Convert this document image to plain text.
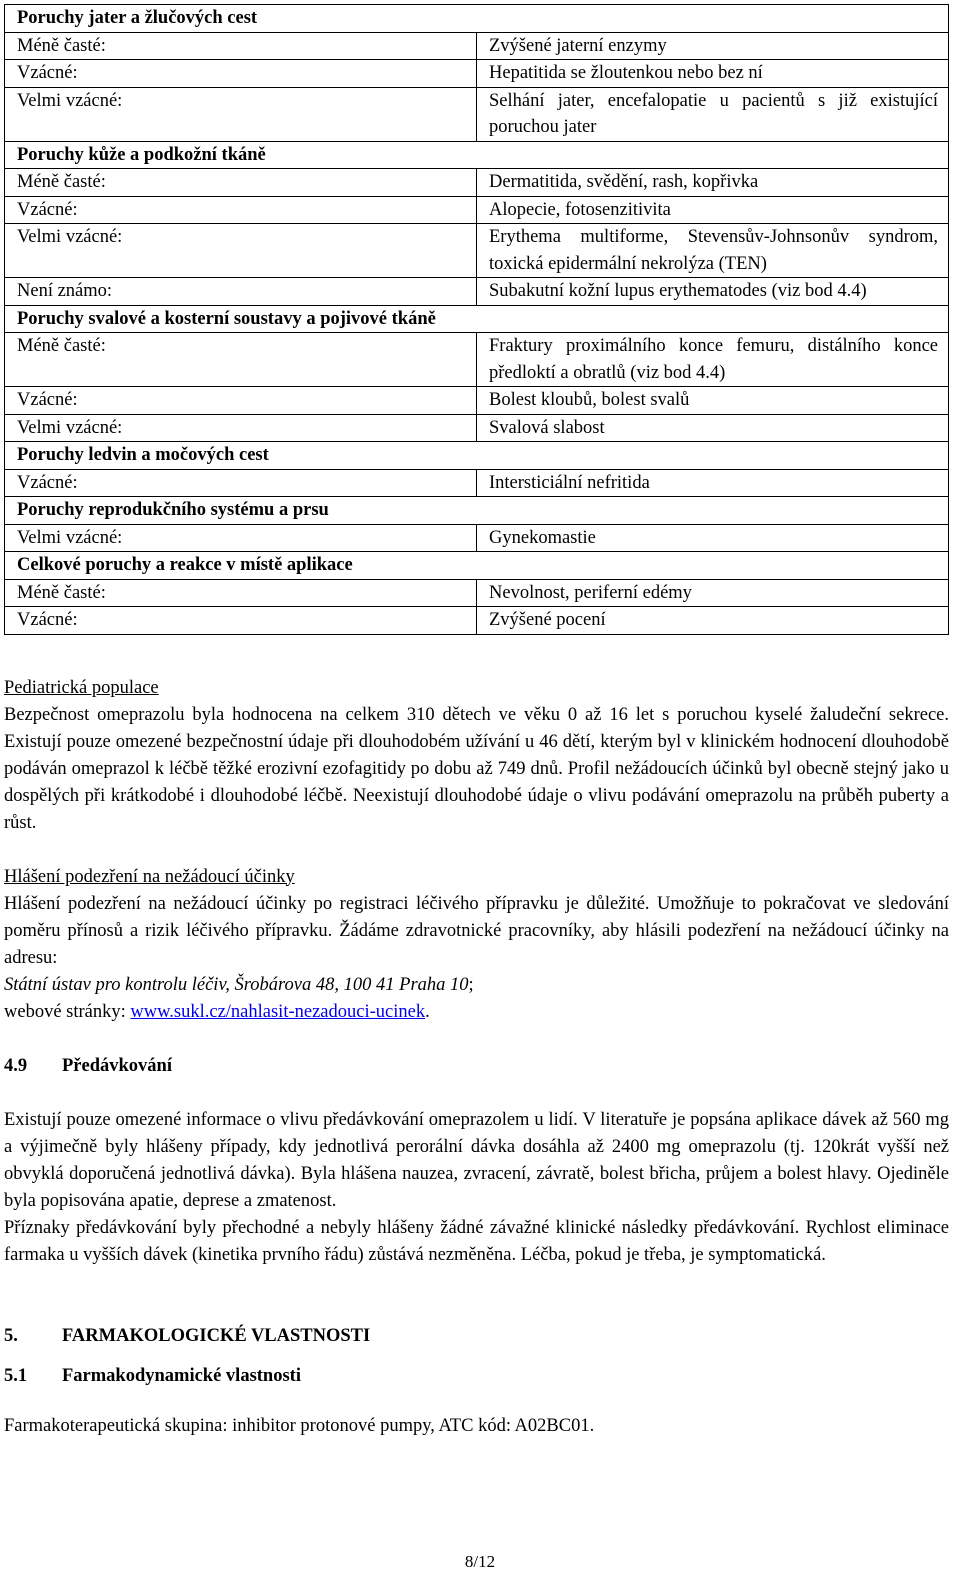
Poruchy jater a žlučových cest	
Méně časté:	Zvýšené jaterní enzymy
Vzácné:	Hepatitida se žloutenkou nebo bez ní
Velmi vzácné:	Selhání jater, encefalopatie u pacientů s již existující poruchou jater
Poruchy kůže a podkožní tkáně	
Méně časté:	Dermatitida, svědění, rash, kopřivka
Vzácné:	Alopecie, fotosenzitivita
Velmi vzácné:	Erythema multiforme, Stevensův-Johnsonův syndrom, toxická epidermální nekrolýza (TEN)
Není známo:	Subakutní kožní lupus erythematodes (viz bod 4.4)
Poruchy svalové a kosterní soustavy a pojivové tkáně	
Méně časté:	Fraktury proximálního konce femuru, distálního konce předloktí a obratlů (viz bod 4.4)
Vzácné:	Bolest kloubů, bolest svalů
Velmi vzácné:	Svalová slabost
Poruchy ledvin a močových cest	
Vzácné:	Intersticiální nefritida
Poruchy reprodukčního systému a prsu	
Velmi vzácné:	Gynekomastie
Celkové poruchy a reakce v místě aplikace	
Méně časté:	Nevolnost, periferní edémy
Vzácné:	Zvýšené pocení
Pediatrická populace

Bezpečnost omeprazolu byla hodnocena na celkem 310 dětech ve věku 0 až 16 let s poruchou kyselé žaludeční sekrece. Existují pouze omezené bezpečnostní údaje při dlouhodobém užívání u 46 dětí, kterým byl v klinickém hodnocení dlouhodobě podáván omeprazol k léčbě těžké erozivní ezofagitidy po dobu až 749 dnů. Profil nežádoucích účinků byl obecně stejný jako u dospělých při krátkodobé i dlouhodobé léčbě. Neexistují dlouhodobé údaje o vlivu podávání omeprazolu na průběh puberty a růst.

Hlášení podezření na nežádoucí účinky

Hlášení podezření na nežádoucí účinky po registraci léčivého přípravku je důležité. Umožňuje to pokračovat ve sledování poměru přínosů a rizik léčivého přípravku. Žádáme zdravotnické pracovníky, aby hlásili podezření na nežádoucí účinky na adresu:

Státní ústav pro kontrolu léčiv, Šrobárova 48, 100 41 Praha 10;

webové stránky: www.sukl.cz/nahlasit-nezadouci-ucinek.

4.9	Předávkování

Existují pouze omezené informace o vlivu předávkování omeprazolem u lidí. V literatuře je popsána aplikace dávek až 560 mg a výjimečně byly hlášeny případy, kdy jednotlivá perorální dávka dosáhla až 2400 mg omeprazolu (tj. 120krát vyšší než obvyklá doporučená jednotlivá dávka). Byla hlášena nauzea, zvracení, závratě, bolest břicha, průjem a bolest hlavy. Ojediněle byla popisována apatie, deprese a zmatenost.

Příznaky předávkování byly přechodné a nebyly hlášeny žádné závažné klinické následky předávkování. Rychlost eliminace farmaka u vyšších dávek (kinetika prvního řádu) zůstává nezměněna. Léčba, pokud je třeba, je symptomatická.

5.	FARMAKOLOGICKÉ VLASTNOSTI
5.1	Farmakodynamické vlastnosti

Farmakoterapeutická skupina: inhibitor protonové pumpy, ATC kód: A02BC01.

8/12
